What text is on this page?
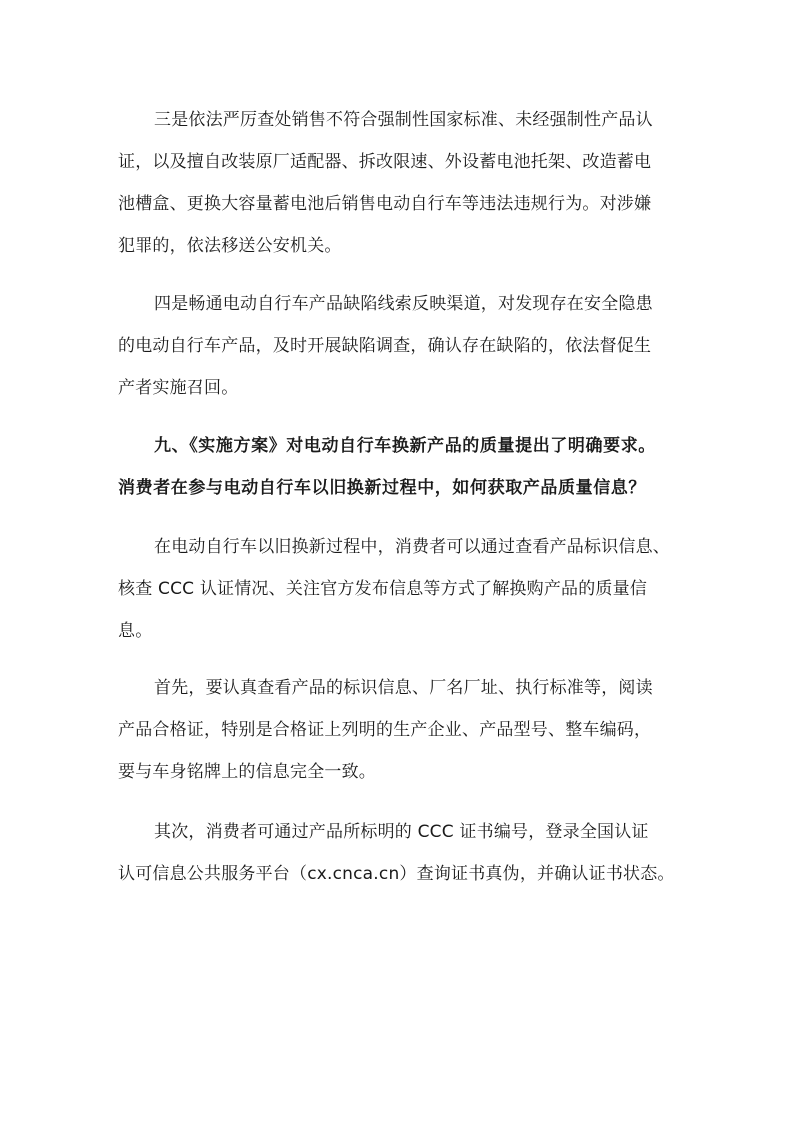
三是依法严厉查处销售不符合强制性国家标准、未经强制性产品认
证，以及擅自改装原厂适配器、拆改限速、外设蓄电池托架、改造蓄电
池槽盒、更换大容量蓄电池后销售电动自行车等违法违规行为。对涉嫌
犯罪的，依法移送公安机关。
四是畅通电动自行车产品缺陷线索反映渠道，对发现存在安全隐患
的电动自行车产品，及时开展缺陷调查，确认存在缺陷的，依法督促生
产者实施召回。
九、《实施方案》对电动自行车换新产品的质量提出了明确要求。
消费者在参与电动自行车以旧换新过程中，如何获取产品质量信息？
在电动自行车以旧换新过程中，消费者可以通过查看产品标识信息、
核查 CCC 认证情况、关注官方发布信息等方式了解换购产品的质量信
息。
首先，要认真查看产品的标识信息、厂名厂址、执行标准等，阅读
产品合格证，特别是合格证上列明的生产企业、产品型号、整车编码，
要与车身铭牌上的信息完全一致。
其次，消费者可通过产品所标明的 CCC 证书编号，登录全国认证
认可信息公共服务平台（cx.cnca.cn）查询证书真伪，并确认证书状态。
